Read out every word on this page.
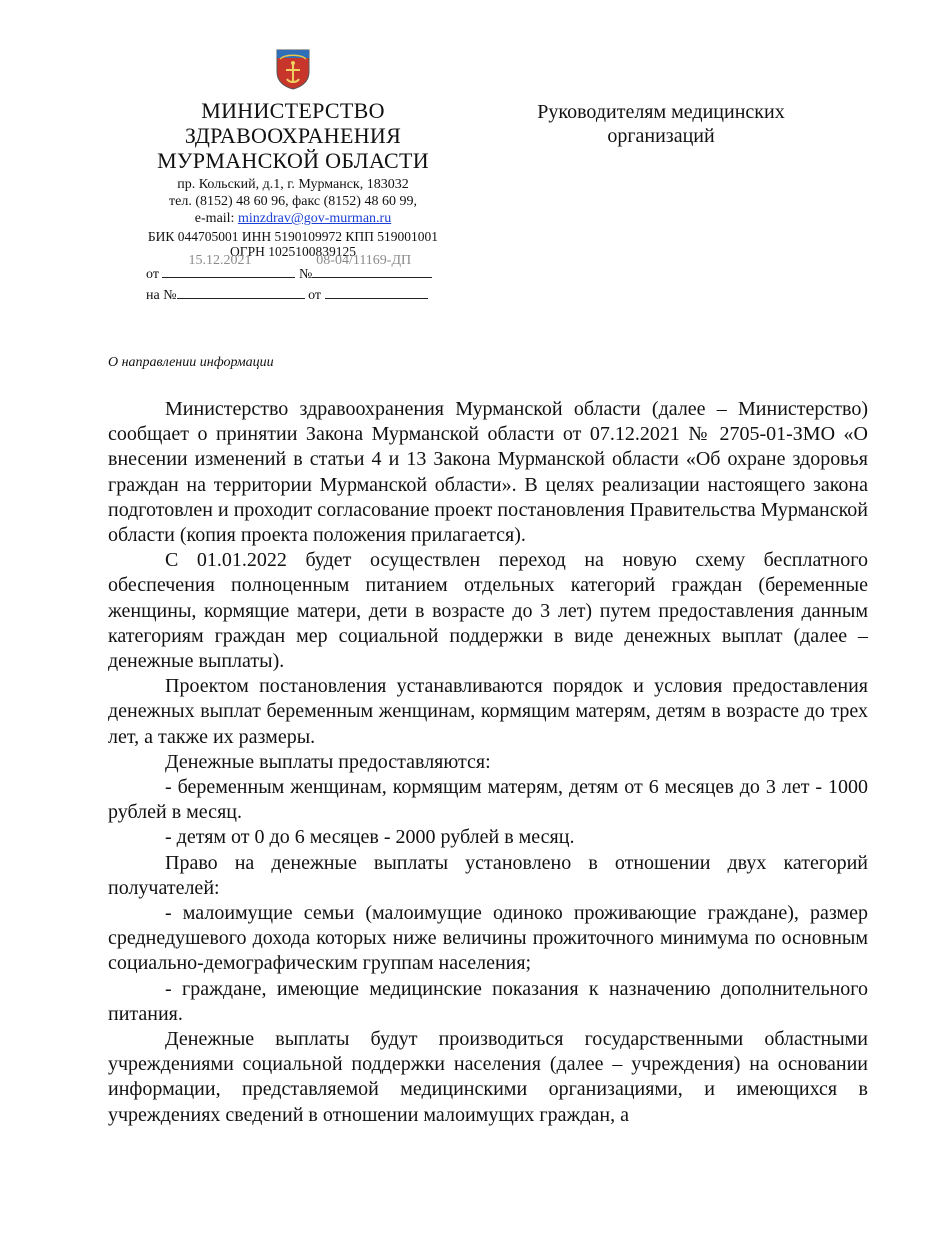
МИНИСТЕРСТВО
ЗДРАВООХРАНЕНИЯ
МУРМАНСКОЙ ОБЛАСТИ
пр. Кольский, д.1, г. Мурманск, 183032
тел. (8152) 48 60 96, факс (8152) 48 60 99,
e-mail: minzdrav@gov-murman.ru
БИК 044705001 ИНН 5190109972 КПП 519001001
ОГРН 1025100839125
от
15.12.2021
№
08-04/11169-ДП
на №	от
Руководителям медицинских
организаций
О направлении информации

Министерство здравоохранения Мурманской области (далее – Министерство) сообщает о принятии Закона Мурманской области от 07.12.2021 № 2705-01-ЗМО «О внесении изменений в статьи 4 и 13 Закона Мурманской области «Об охране здоровья граждан на территории Мурманской области». В целях реализации настоящего закона подготовлен и проходит согласование проект постановления Правительства Мурманской области (копия проекта положения прилагается).

С 01.01.2022 будет осуществлен переход на новую схему бесплатного обеспечения полноценным питанием отдельных категорий граждан (беременные женщины, кормящие матери, дети в возрасте до 3 лет) путем предоставления данным категориям граждан мер социальной поддержки в виде денежных выплат (далее – денежные выплаты).

Проектом постановления устанавливаются порядок и условия предоставления денежных выплат беременным женщинам, кормящим матерям, детям в возрасте до трех лет, а также их размеры.

Денежные выплаты предоставляются:

- беременным женщинам, кормящим матерям, детям от 6 месяцев до 3 лет - 1000 рублей в месяц.

- детям от 0 до 6 месяцев - 2000 рублей в месяц.

Право на денежные выплаты установлено в отношении двух категорий получателей:

- малоимущие семьи (малоимущие одиноко проживающие граждане), размер среднедушевого дохода которых ниже величины прожиточного минимума по основным социально-демографическим группам населения;

- граждане, имеющие медицинские показания к назначению дополнительного питания.

Денежные выплаты будут производиться государственными областными учреждениями социальной поддержки населения (далее – учреждения) на основании информации, представляемой медицинскими организациями, и имеющихся в учреждениях сведений в отношении малоимущих граждан, а
